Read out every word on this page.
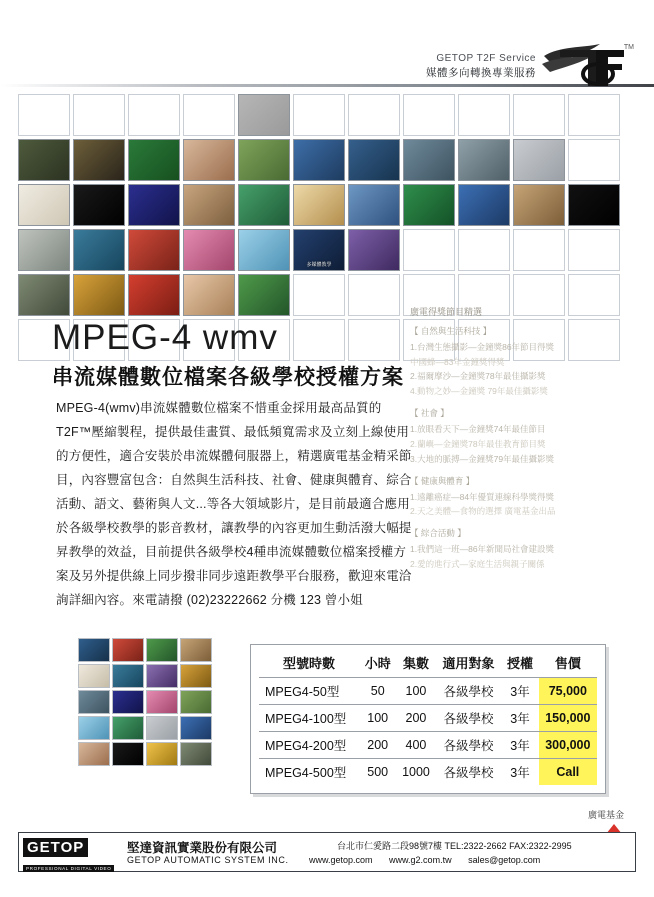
GETOP T2F Service
媒體多向轉換專業服務
TM
多媒體教學
MPEG-4 wmv
串流媒體數位檔案各級學校授權方案
MPEG-4(wmv)串流媒體數位檔案不惜重金採用最高品質的T2F™壓縮製程，提供最佳畫質、最低頻寬需求及立刻上線使用的方便性，適合安裝於串流媒體伺服器上，精選廣電基金精采節目，內容豐富包含：自然與生活科技、社會、健康與體育、綜合活動、語文、藝術與人文...等各大領域影片，是目前最適合應用於各級學校教學的影音教材，讓教學的內容更加生動活潑大幅提昇教學的效益，目前提供各級學校4種串流媒體數位檔案授權方案及另外提供線上同步撥非同步遠距教學平台服務，歡迎來電洽詢詳細內容。來電請撥 (02)23222662 分機 123 曾小姐
廣電得獎節目精選
【 自然與生活科技 】
1.台灣生態攝影—金鐘獎86年節目得獎
中國蜂—83年金鐘獎得獎
2.福爾摩沙—金鐘獎78年最佳攝影獎
4.動物之妙—金鐘獎 79年最佳攝影獎
【 社會 】
1.放眼看天下—金鐘獎74年最佳節目
2.蘭嶼—金鐘獎78年最佳教育節目獎
3.大地的脈搏—金鐘獎79年最佳攝影獎
【 健康與體育 】
1.遠離癌症—84年優質連線科學獎得獎
2.天之美體—食物的選擇 廣電基金出品
【 綜合活動 】
1.我們這一班—86年新聞局社會建設獎
2.愛的進行式—家庭生活與親子關係
型號時數	小時	集數	適用對象	授權	售價
MPEG4-50型	50	100	各級學校	3年	75,000
MPEG4-100型	100	200	各級學校	3年	150,000
MPEG4-200型	200	400	各級學校	3年	300,000
MPEG4-500型	500	1000	各級學校	3年	Call
廣電基金
GETOP
PROFESSIONAL DIGITAL VIDEO
堅達資訊實業股份有限公司
GETOP AUTOMATIC SYSTEM INC.
台北市仁愛路二段98號7樓 TEL:2322-2662 FAX:2322-2995
www.getop.com www.g2.com.tw sales@getop.com
